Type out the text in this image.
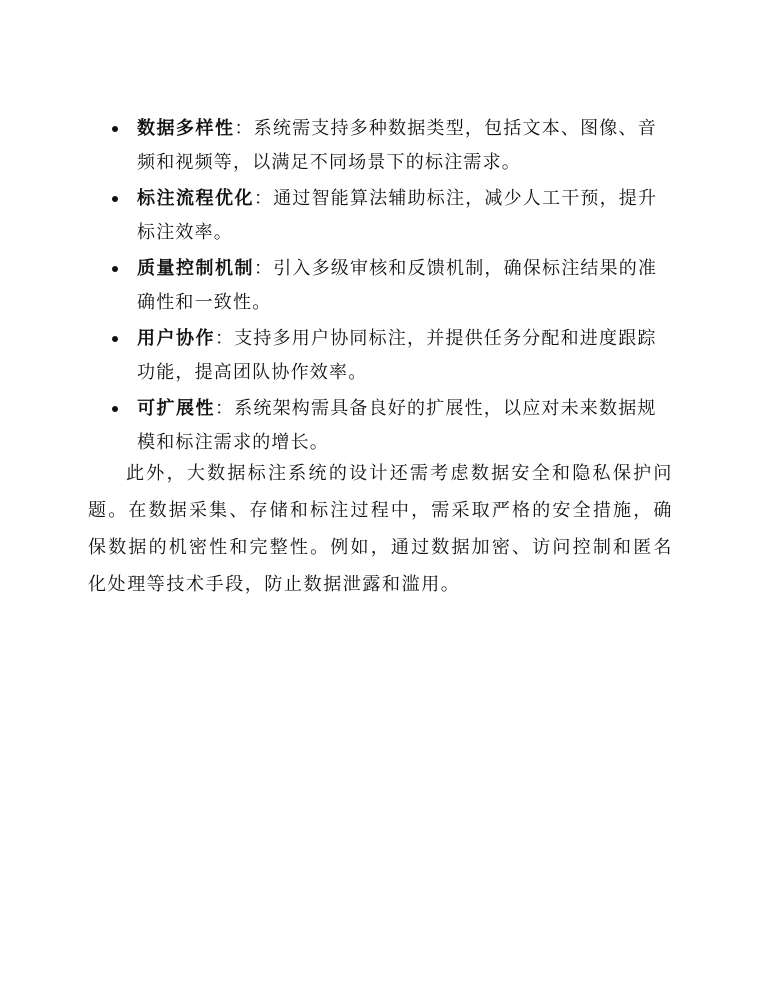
数据多样性：系统需支持多种数据类型，包括文本、图像、音频和视频等，以满足不同场景下的标注需求。
标注流程优化：通过智能算法辅助标注，减少人工干预，提升标注效率。
质量控制机制：引入多级审核和反馈机制，确保标注结果的准确性和一致性。
用户协作：支持多用户协同标注，并提供任务分配和进度跟踪功能，提高团队协作效率。
可扩展性：系统架构需具备良好的扩展性，以应对未来数据规模和标注需求的增长。

此外，大数据标注系统的设计还需考虑数据安全和隐私保护问题。在数据采集、存储和标注过程中，需采取严格的安全措施，确保数据的机密性和完整性。例如，通过数据加密、访问控制和匿名化处理等技术手段，防止数据泄露和滥用。
